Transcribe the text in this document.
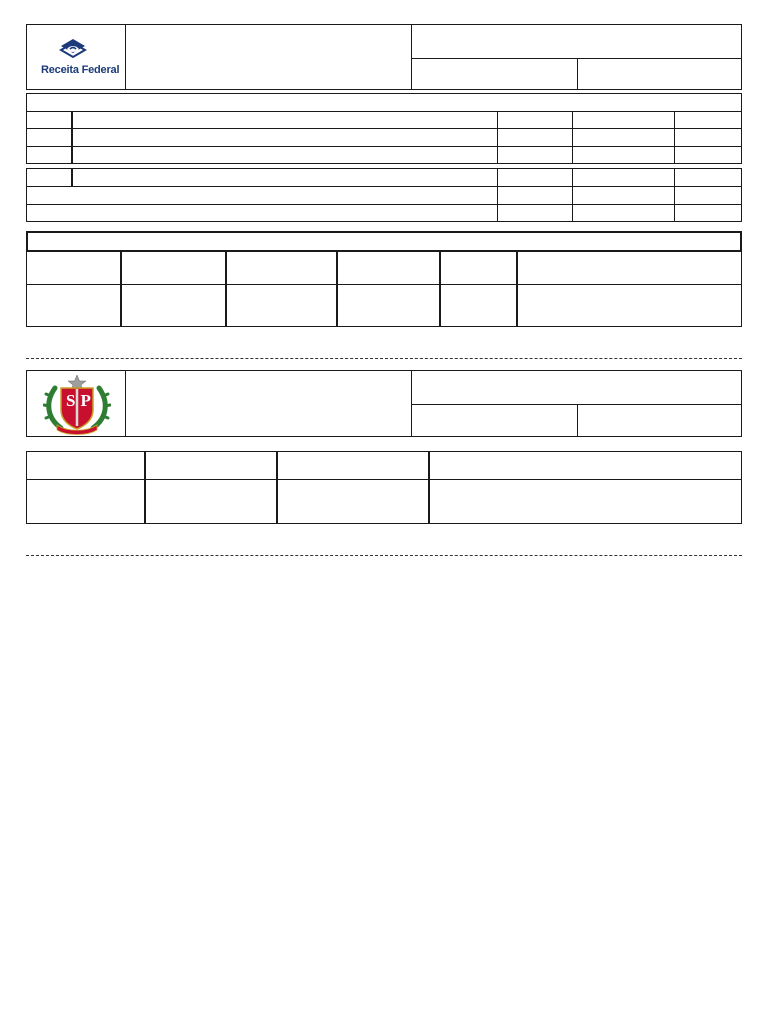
Receita Federal
SP
